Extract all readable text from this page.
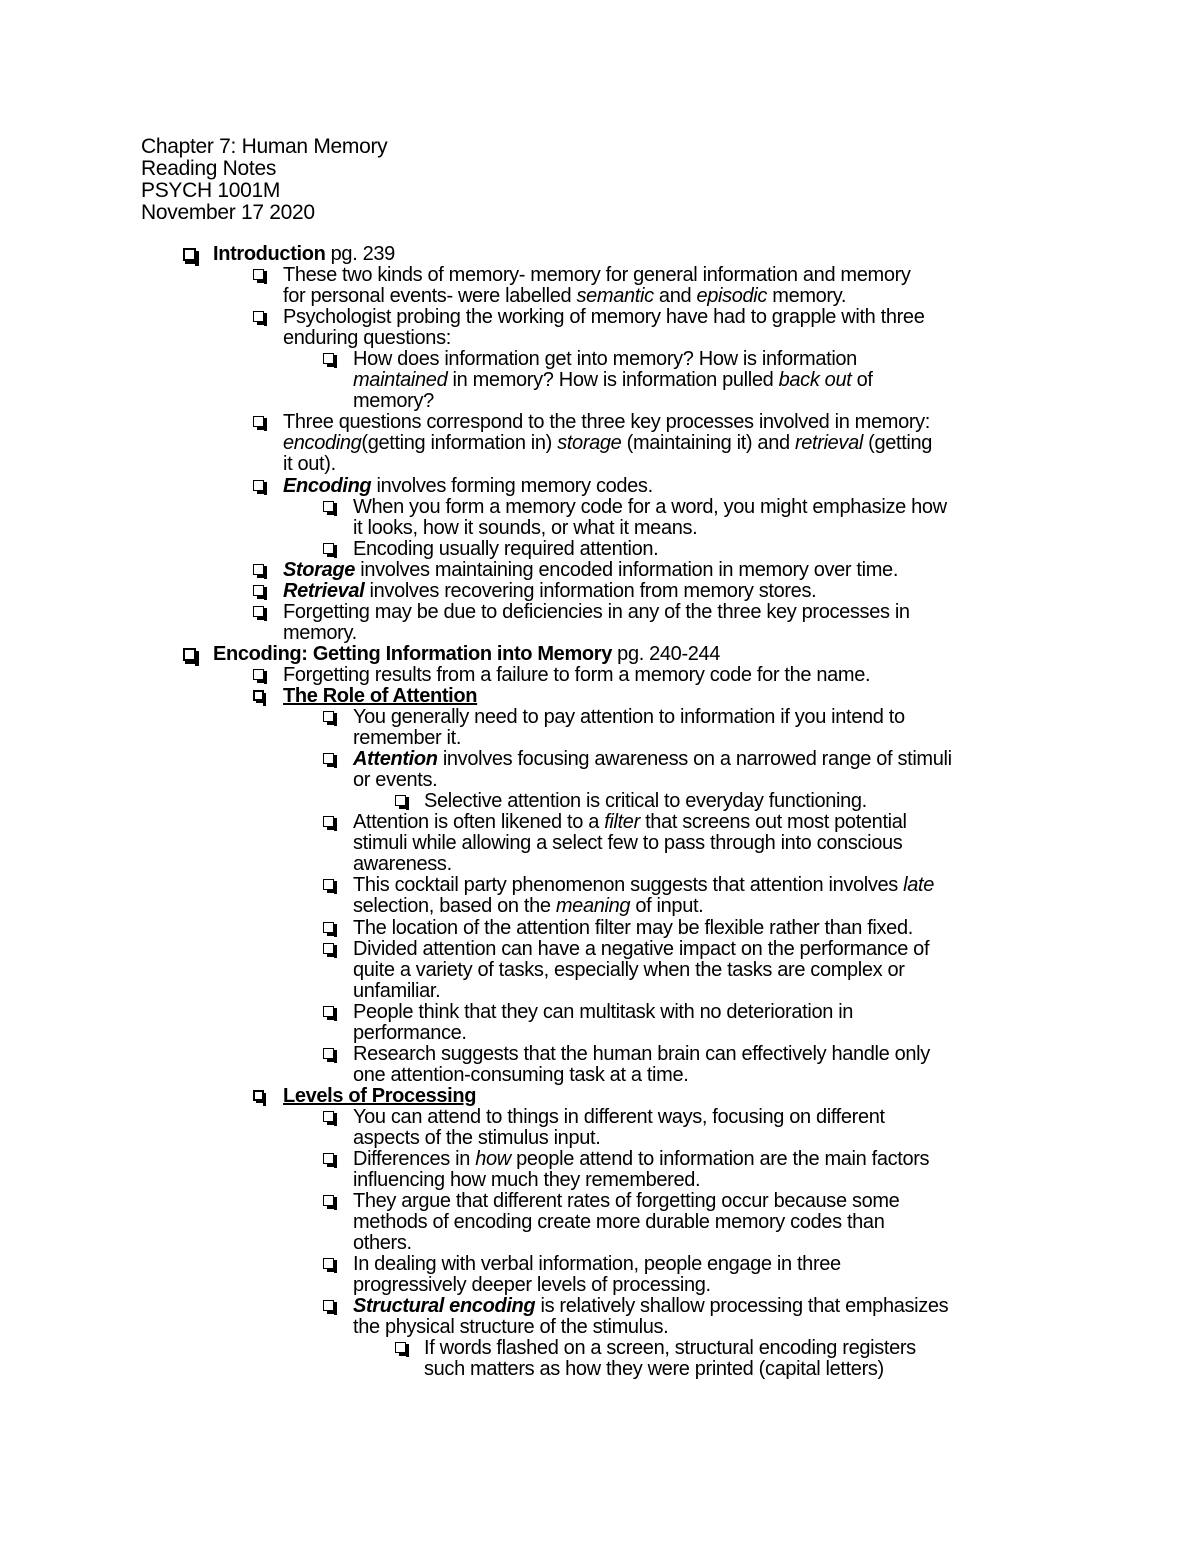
Chapter 7: Human Memory
Reading Notes
PSYCH 1001M
November 17 2020
Introduction pg. 239
These two kinds of memory- memory for general information and memory
for personal events- were labelled semantic and episodic memory.
Psychologist probing the working of memory have had to grapple with three
enduring questions:
How does information get into memory? How is information
maintained in memory? How is information pulled back out of
memory?
Three questions correspond to the three key processes involved in memory:
encoding(getting information in) storage (maintaining it) and retrieval (getting
it out).
Encoding involves forming memory codes.
When you form a memory code for a word, you might emphasize how
it looks, how it sounds, or what it means.
Encoding usually required attention.
Storage involves maintaining encoded information in memory over time.
Retrieval involves recovering information from memory stores.
Forgetting may be due to deficiencies in any of the three key processes in
memory.
Encoding: Getting Information into Memory pg. 240-244
Forgetting results from a failure to form a memory code for the name.
The Role of Attention
You generally need to pay attention to information if you intend to
remember it.
Attention involves focusing awareness on a narrowed range of stimuli
or events.
Selective attention is critical to everyday functioning.
Attention is often likened to a filter that screens out most potential
stimuli while allowing a select few to pass through into conscious
awareness.
This cocktail party phenomenon suggests that attention involves late
selection, based on the meaning of input.
The location of the attention filter may be flexible rather than fixed.
Divided attention can have a negative impact on the performance of
quite a variety of tasks, especially when the tasks are complex or
unfamiliar.
People think that they can multitask with no deterioration in
performance.
Research suggests that the human brain can effectively handle only
one attention-consuming task at a time.
Levels of Processing
You can attend to things in different ways, focusing on different
aspects of the stimulus input.
Differences in how people attend to information are the main factors
influencing how much they remembered.
They argue that different rates of forgetting occur because some
methods of encoding create more durable memory codes than
others.
In dealing with verbal information, people engage in three
progressively deeper levels of processing.
Structural encoding is relatively shallow processing that emphasizes
the physical structure of the stimulus.
If words flashed on a screen, structural encoding registers
such matters as how they were printed (capital letters)
